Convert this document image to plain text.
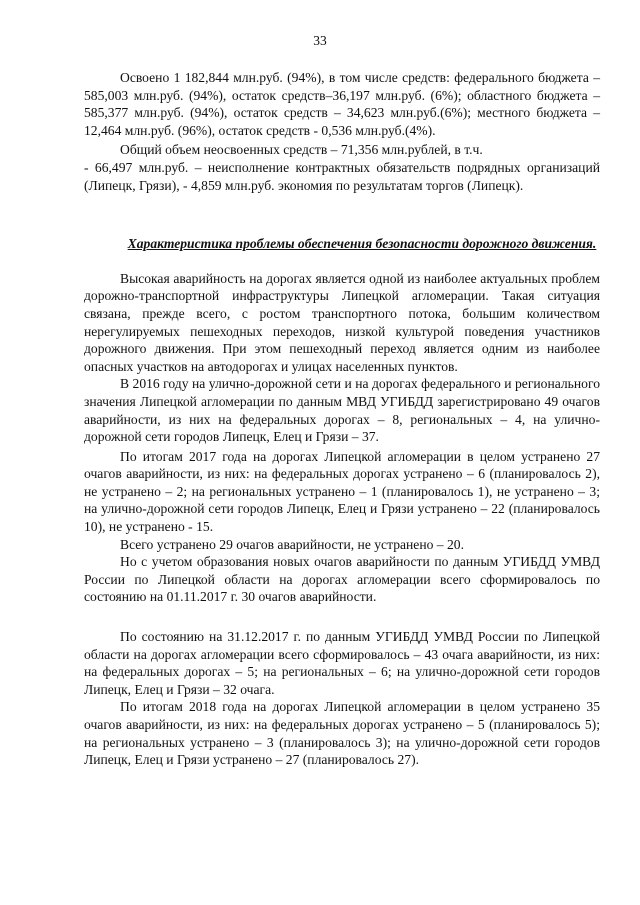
33

Освоено 1 182,844 млн.руб. (94%), в том числе средств: федерального бюджета – 585,003 млн.руб. (94%), остаток средств–36,197 млн.руб. (6%); областного бюджета – 585,377 млн.руб. (94%), остаток средств – 34,623 млн.руб.(6%); местного бюджета – 12,464 млн.руб. (96%), остаток средств - 0,536 млн.руб.(4%).

Общий объем неосвоенных средств – 71,356 млн.рублей, в т.ч.

- 66,497 млн.руб. – неисполнение контрактных обязательств подрядных организаций (Липецк, Грязи), - 4,859 млн.руб. экономия по результатам торгов (Липецк).

Характеристика проблемы обеспечения безопасности дорожного движения.

Высокая аварийность на дорогах является одной из наиболее актуальных проблем дорожно-транспортной инфраструктуры Липецкой агломерации. Такая ситуация связана, прежде всего, с ростом транспортного потока, большим количеством нерегулируемых пешеходных переходов, низкой культурой поведения участников дорожного движения. При этом пешеходный переход является одним из наиболее опасных участков на автодорогах и улицах населенных пунктов.

В 2016 году на улично-дорожной сети и на дорогах федерального и регионального значения Липецкой агломерации по данным МВД УГИБДД зарегистрировано 49 очагов аварийности, из них на федеральных дорогах – 8, региональных – 4, на улично-дорожной сети городов Липецк, Елец и Грязи – 37.

По итогам 2017 года на дорогах Липецкой агломерации в целом устранено 27 очагов аварийности, из них: на федеральных дорогах устранено – 6 (планировалось 2), не устранено – 2; на региональных устранено – 1 (планировалось 1), не устранено – 3; на улично-дорожной сети городов Липецк, Елец и Грязи устранено – 22 (планировалось 10), не устранено - 15.

Всего устранено 29 очагов аварийности, не устранено – 20.

Но с учетом образования новых очагов аварийности по данным УГИБДД УМВД России по Липецкой области на дорогах агломерации всего сформировалось по состоянию на 01.11.2017 г. 30 очагов аварийности.

По состоянию на 31.12.2017 г. по данным УГИБДД УМВД России по Липецкой области на дорогах агломерации всего сформировалось – 43 очага аварийности, из них: на федеральных дорогах – 5; на региональных – 6; на улично-дорожной сети городов Липецк, Елец и Грязи – 32 очага.

По итогам 2018 года на дорогах Липецкой агломерации в целом устранено 35 очагов аварийности, из них: на федеральных дорогах устранено – 5 (планировалось 5); на региональных устранено – 3 (планировалось 3); на улично-дорожной сети городов Липецк, Елец и Грязи устранено – 27 (планировалось 27).
